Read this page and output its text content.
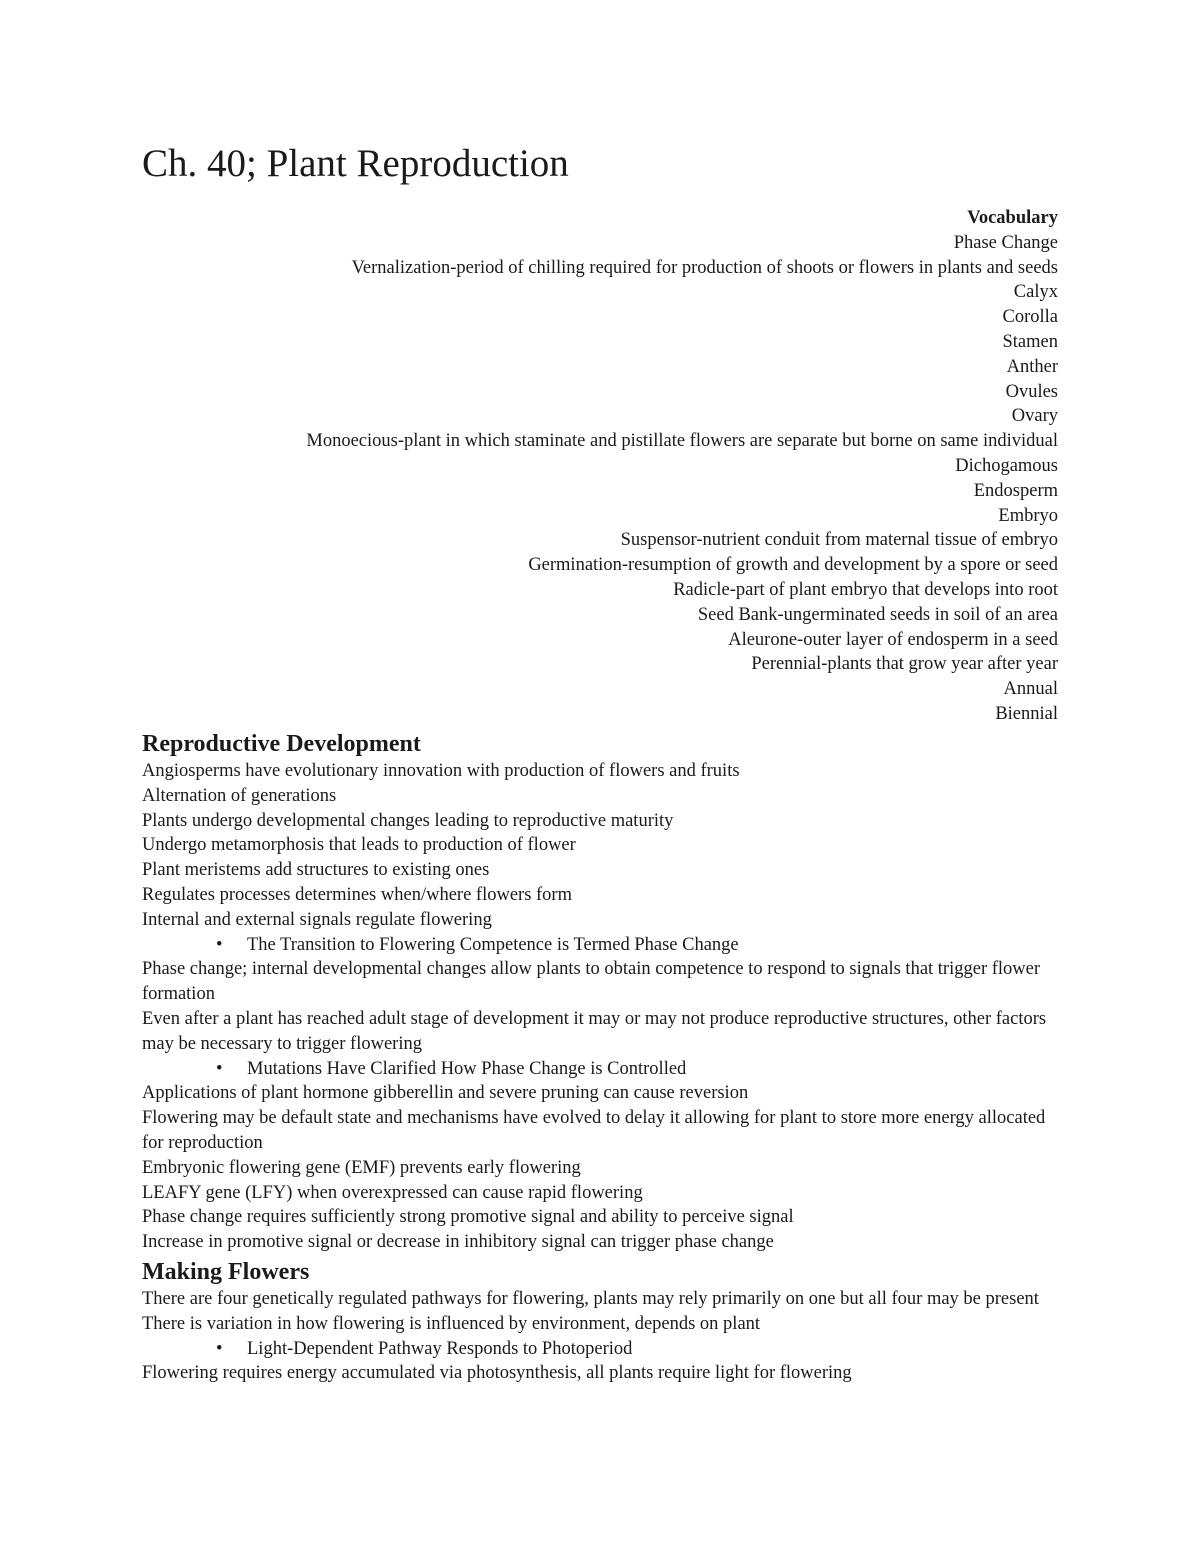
Ch. 40; Plant Reproduction
Vocabulary
Phase Change
Vernalization-period of chilling required for production of shoots or flowers in plants and seeds
Calyx
Corolla
Stamen
Anther
Ovules
Ovary
Monoecious-plant in which staminate and pistillate flowers are separate but borne on same individual
Dichogamous
Endosperm
Embryo
Suspensor-nutrient conduit from maternal tissue of embryo
Germination-resumption of growth and development by a spore or seed
Radicle-part of plant embryo that develops into root
Seed Bank-ungerminated seeds in soil of an area
Aleurone-outer layer of endosperm in a seed
Perennial-plants that grow year after year
Annual
Biennial
Reproductive Development
Angiosperms have evolutionary innovation with production of flowers and fruits
Alternation of generations
Plants undergo developmental changes leading to reproductive maturity
Undergo metamorphosis that leads to production of flower
Plant meristems add structures to existing ones
Regulates processes determines when/where flowers form
Internal and external signals regulate flowering
• The Transition to Flowering Competence is Termed Phase Change
Phase change; internal developmental changes allow plants to obtain competence to respond to signals that trigger flower formation
Even after a plant has reached adult stage of development it may or may not produce reproductive structures, other factors may be necessary to trigger flowering
• Mutations Have Clarified How Phase Change is Controlled
Applications of plant hormone gibberellin and severe pruning can cause reversion
Flowering may be default state and mechanisms have evolved to delay it allowing for plant to store more energy allocated for reproduction
Embryonic flowering gene (EMF) prevents early flowering
LEAFY gene (LFY) when overexpressed can cause rapid flowering
Phase change requires sufficiently strong promotive signal and ability to perceive signal
Increase in promotive signal or decrease in inhibitory signal can trigger phase change
Making Flowers
There are four genetically regulated pathways for flowering, plants may rely primarily on one but all four may be present
There is variation in how flowering is influenced by environment, depends on plant
• Light-Dependent Pathway Responds to Photoperiod
Flowering requires energy accumulated via photosynthesis, all plants require light for flowering
